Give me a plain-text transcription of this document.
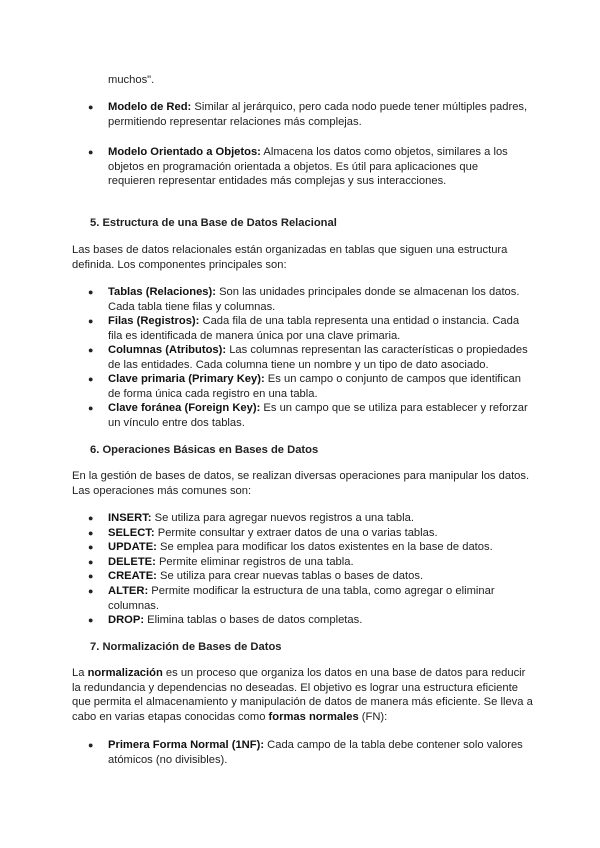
muchos".
● Modelo de Red: Similar al jerárquico, pero cada nodo puede tener múltiples padres, permitiendo representar relaciones más complejas.
● Modelo Orientado a Objetos: Almacena los datos como objetos, similares a los objetos en programación orientada a objetos. Es útil para aplicaciones que requieren representar entidades más complejas y sus interacciones.
5. Estructura de una Base de Datos Relacional
Las bases de datos relacionales están organizadas en tablas que siguen una estructura definida. Los componentes principales son:
● Tablas (Relaciones): Son las unidades principales donde se almacenan los datos. Cada tabla tiene filas y columnas.
● Filas (Registros): Cada fila de una tabla representa una entidad o instancia. Cada fila es identificada de manera única por una clave primaria.
● Columnas (Atributos): Las columnas representan las características o propiedades de las entidades. Cada columna tiene un nombre y un tipo de dato asociado.
● Clave primaria (Primary Key): Es un campo o conjunto de campos que identifican de forma única cada registro en una tabla.
● Clave foránea (Foreign Key): Es un campo que se utiliza para establecer y reforzar un vínculo entre dos tablas.
6. Operaciones Básicas en Bases de Datos
En la gestión de bases de datos, se realizan diversas operaciones para manipular los datos. Las operaciones más comunes son:
● INSERT: Se utiliza para agregar nuevos registros a una tabla.
● SELECT: Permite consultar y extraer datos de una o varias tablas.
● UPDATE: Se emplea para modificar los datos existentes en la base de datos.
● DELETE: Permite eliminar registros de una tabla.
● CREATE: Se utiliza para crear nuevas tablas o bases de datos.
● ALTER: Permite modificar la estructura de una tabla, como agregar o eliminar columnas.
● DROP: Elimina tablas o bases de datos completas.
7. Normalización de Bases de Datos
La normalización es un proceso que organiza los datos en una base de datos para reducir la redundancia y dependencias no deseadas. El objetivo es lograr una estructura eficiente que permita el almacenamiento y manipulación de datos de manera más eficiente. Se lleva a cabo en varias etapas conocidas como formas normales (FN):
● Primera Forma Normal (1NF): Cada campo de la tabla debe contener solo valores atómicos (no divisibles).
